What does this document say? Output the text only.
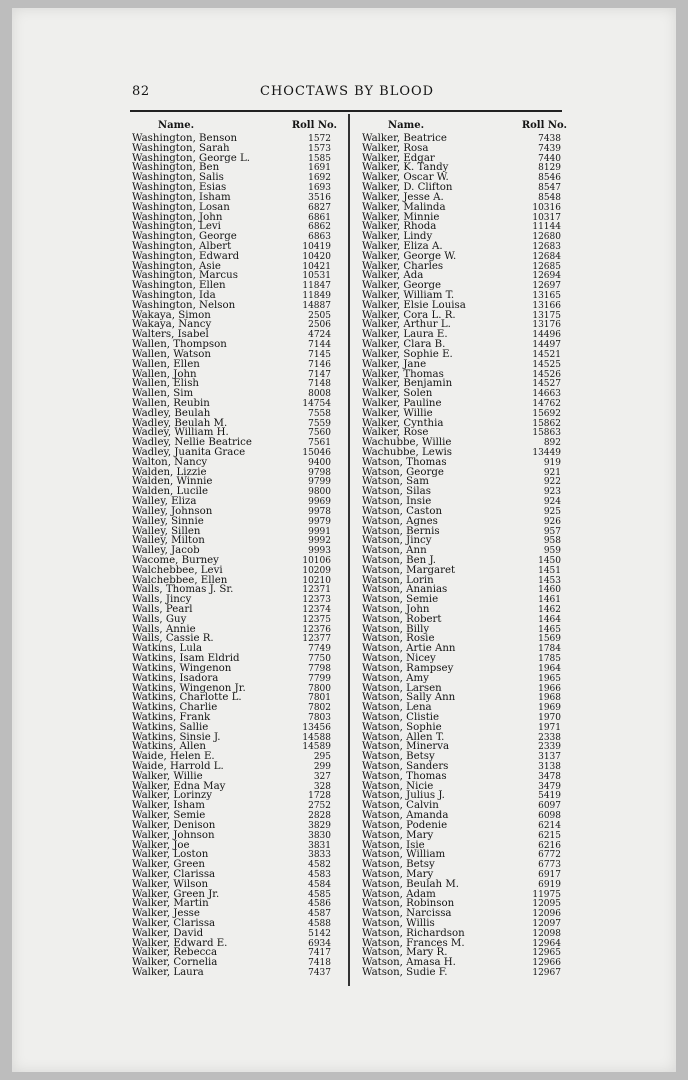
82	CHOCTAWS BY BLOOD
Name.	Roll No.
Washington, Benson	1572
Washington, Sarah	1573
Washington, George L.	1585
Washington, Ben	1691
Washington, Salis	1692
Washington, Esias	1693
Washington, Isham	3516
Washington, Losan	6827
Washington, John	6861
Washington, Levi	6862
Washington, George	6863
Washington, Albert	10419
Washington, Edward	10420
Washington, Asie	10421
Washington, Marcus	10531
Washington, Ellen	11847
Washington, Ida	11849
Washington, Nelson	14887
Wakaya, Simon	2505
Wakaya, Nancy	2506
Walters, Isabel	4724
Wallen, Thompson	7144
Wallen, Watson	7145
Wallen, Ellen	7146
Wallen, John	7147
Wallen, Elish	7148
Wallen, Sim	8008
Wallen, Reubin	14754
Wadley, Beulah	7558
Wadley, Beulah M.	7559
Wadley, William H.	7560
Wadley, Nellie Beatrice	7561
Wadley, Juanita Grace	15046
Walton, Nancy	9400
Walden, Lizzie	9798
Walden, Winnie	9799
Walden, Lucile	9800
Walley, Eliza	9969
Walley, Johnson	9978
Walley, Sinnie	9979
Walley, Sillen	9991
Walley, Milton	9992
Walley, Jacob	9993
Wacome, Burney	10106
Walchebbee, Levi	10209
Walchebbee, Ellen	10210
Walls, Thomas J. Sr.	12371
Walls, Jincy	12373
Walls, Pearl	12374
Walls, Guy	12375
Walls, Annie	12376
Walls, Cassie R.	12377
Watkins, Lula	7749
Watkins, Isam Eldrid	7750
Watkins, Wingenon	7798
Watkins, Isadora	7799
Watkins, Wingenon Jr.	7800
Watkins, Charlotte L.	7801
Watkins, Charlie	7802
Watkins, Frank	7803
Watkins, Sallie	13456
Watkins, Sinsie J.	14588
Watkins, Allen	14589
Waide, Helen E.	295
Waide, Harrold L.	299
Walker, Willie	327
Walker, Edna May	328
Walker, Lorinzy	1728
Walker, Isham	2752
Walker, Semie	2828
Walker, Denison	3829
Walker, Johnson	3830
Walker, Joe	3831
Walker, Loston	3833
Walker, Green	4582
Walker, Clarissa	4583
Walker, Wilson	4584
Walker, Green Jr.	4585
Walker, Martin	4586
Walker, Jesse	4587
Walker, Clarissa	4588
Walker, David	5142
Walker, Edward E.	6934
Walker, Rebecca	7417
Walker, Cornelia	7418
Walker, Laura	7437
Name.	Roll No.
Walker, Beatrice	7438
Walker, Rosa	7439
Walker, Edgar	7440
Walker, K. Tandy	8129
Walker, Oscar W.	8546
Walker, D. Clifton	8547
Walker, Jesse A.	8548
Walker, Malinda	10316
Walker, Minnie	10317
Walker, Rhoda	11144
Walker, Lindy	12680
Walker, Eliza A.	12683
Walker, George W.	12684
Walker, Charles	12685
Walker, Ada	12694
Walker, George	12697
Walker, William T.	13165
Walker, Elsie Louisa	13166
Walker, Cora L. R.	13175
Walker, Arthur L.	13176
Walker, Laura E.	14496
Walker, Clara B.	14497
Walker, Sophie E.	14521
Walker, Jane	14525
Walker, Thomas	14526
Walker, Benjamin	14527
Walker, Solen	14663
Walker, Pauline	14762
Walker, Willie	15692
Walker, Cynthia	15862
Walker, Rose	15863
Wachubbe, Willie	892
Wachubbe, Lewis	13449
Watson, Thomas	919
Watson, George	921
Watson, Sam	922
Watson, Silas	923
Watson, Insie	924
Watson, Caston	925
Watson, Agnes	926
Watson, Bernis	957
Watson, Jincy	958
Watson, Ann	959
Watson, Ben J.	1450
Watson, Margaret	1451
Watson, Lorin	1453
Watson, Ananias	1460
Watson, Semie	1461
Watson, John	1462
Watson, Robert	1464
Watson, Billy	1465
Watson, Rosie	1569
Watson, Artie Ann	1784
Watson, Nicey	1785
Watson, Rampsey	1964
Watson, Amy	1965
Watson, Larsen	1966
Watson, Sally Ann	1968
Watson, Lena	1969
Watson, Clistie	1970
Watson, Sophie	1971
Watson, Allen T.	2338
Watson, Minerva	2339
Watson, Betsy	3137
Watson, Sanders	3138
Watson, Thomas	3478
Watson, Nicie	3479
Watson, Julius J.	5419
Watson, Calvin	6097
Watson, Amanda	6098
Watson, Podenie	6214
Watson, Mary	6215
Watson, Isie	6216
Watson, William	6772
Watson, Betsy	6773
Watson, Mary	6917
Watson, Beulah M.	6919
Watson, Adam	11975
Watson, Robinson	12095
Watson, Narcissa	12096
Watson, Willis	12097
Watson, Richardson	12098
Watson, Frances M.	12964
Watson, Mary R.	12965
Watson, Amasa H.	12966
Watson, Sudie F.	12967
